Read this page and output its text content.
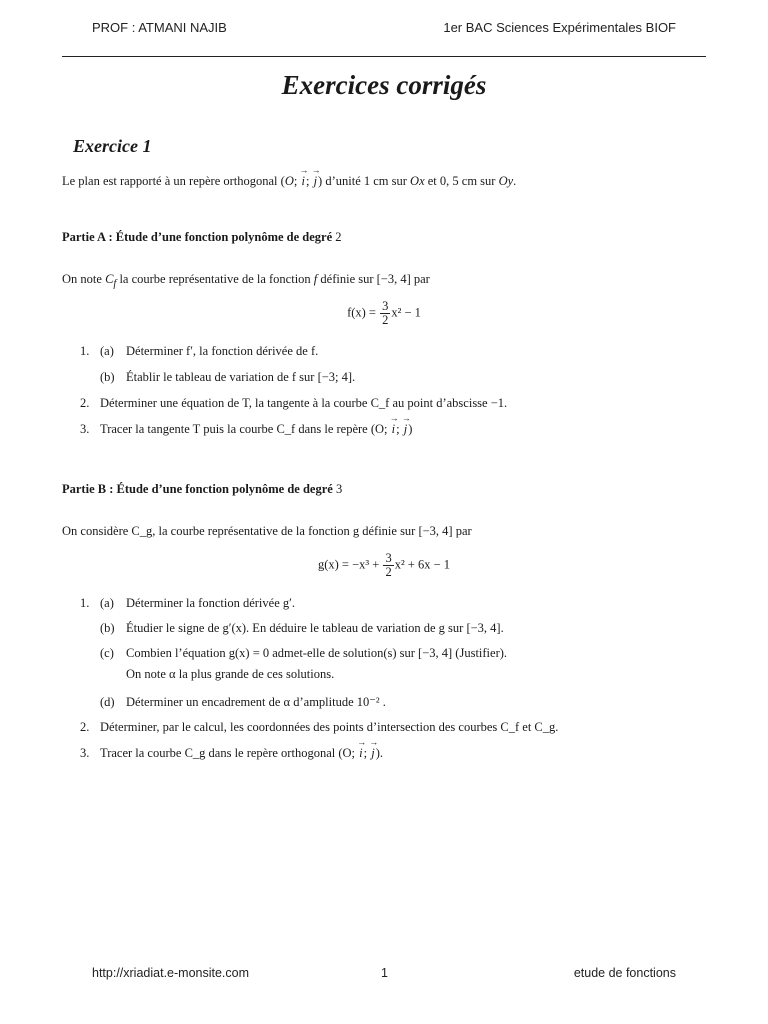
PROF : ATMANI NAJIB	1er BAC Sciences Expérimentales BIOF
Exercices corrigés
Exercice 1
Le plan est rapporté à un repère orthogonal (O; → i; → j) d’unité 1 cm sur Ox et 0, 5 cm sur Oy.
Partie A : Étude d’une fonction polynôme de degré 2
On note $C_f$ la courbe représentative de la fonction f définie sur [−3, 4] par
$f(x) = \frac{3}{2} x^2 - 1$
1. (a) Déterminer f′, la fonction dérivée de f.
(b) Établir le tableau de variation de f sur [−3; 4].
2. Déterminer une équation de T, la tangente à la courbe C_f au point d’abscisse −1.
3. Tracer la tangente T puis la courbe C_f dans le repère (O; → i; → j)
Partie B : Étude d’une fonction polynôme de degré 3
On considère C_g, la courbe représentative de la fonction g définie sur [−3, 4] par
$g(x) = -x^3 + \frac{3}{2} x^2 + 6x - 1$
1. (a) Déterminer la fonction dérivée g′.
(b) Étudier le signe de g′(x). En déduire le tableau de variation de g sur [−3, 4].
(c) Combien l’équation g(x) = 0 admet-elle de solution(s) sur [−3, 4] (Justifier).
On note α la plus grande de ces solutions.
(d) Déterminer un encadrement de α d’amplitude 10⁻² .
2. Déterminer, par le calcul, les coordonnées des points d’intersection des courbes C_f et C_g.
3. Tracer la courbe C_g dans le repère orthogonal (O; → i; → j).
http://xriadiat.e-monsite.com	1	etude de fonctions
